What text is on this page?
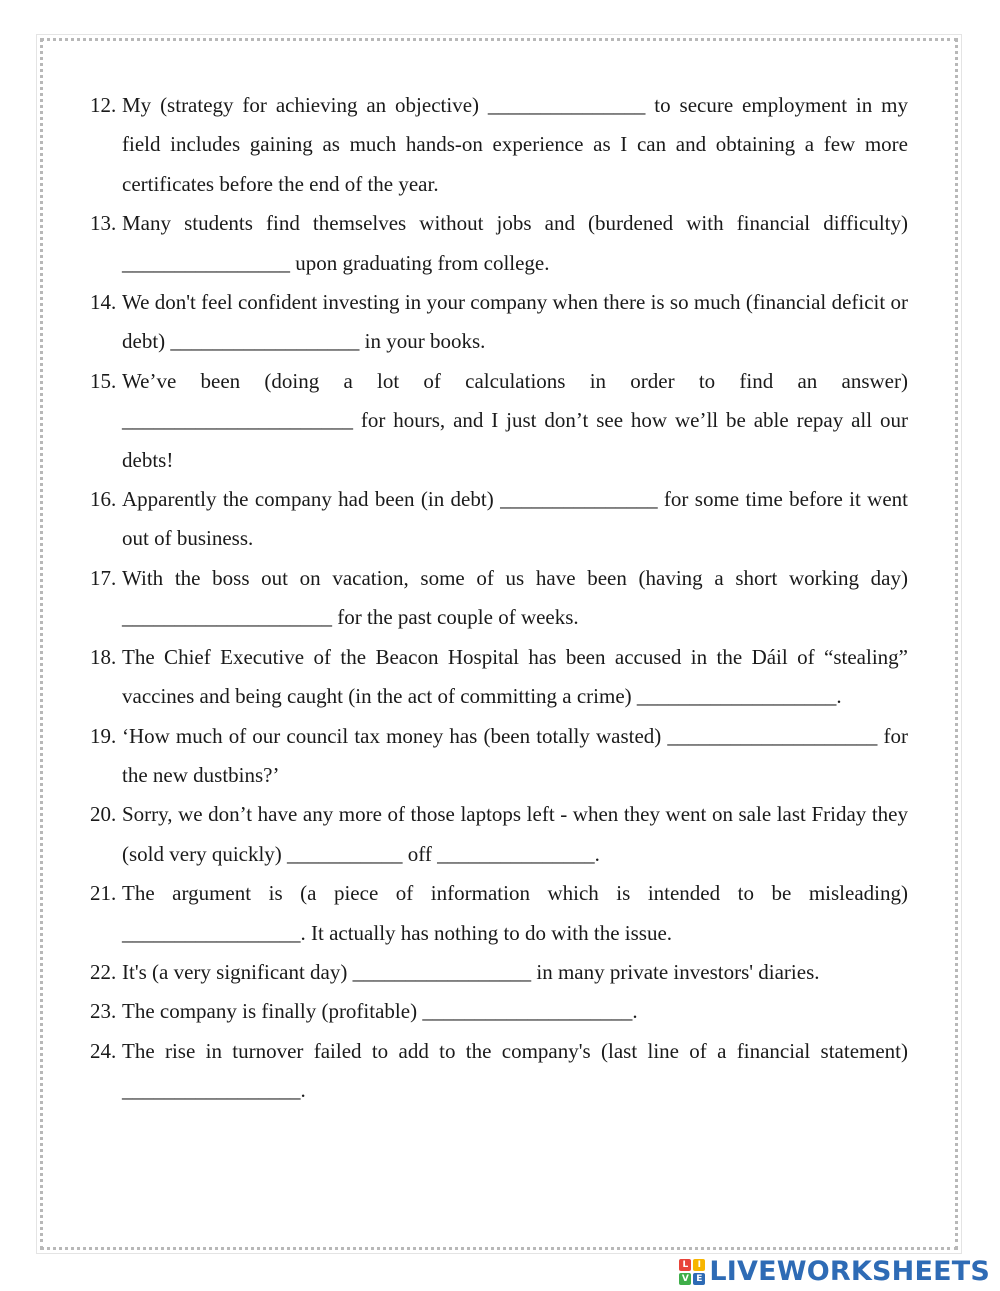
12. My (strategy for achieving an objective) _______________ to secure employment in my field includes gaining as much hands-on experience as I can and obtaining a few more certificates before the end of the year.
13. Many students find themselves without jobs and (burdened with financial difficulty) ________________ upon graduating from college.
14. We don't feel confident investing in your company when there is so much (financial deficit or debt) __________________ in your books.
15. We’ve been (doing a lot of calculations in order to find an answer) ______________________ for hours, and I just don’t see how we’ll be able repay all our debts!
16. Apparently the company had been (in debt) _______________ for some time before it went out of business.
17. With the boss out on vacation, some of us have been (having a short working day) ____________________ for the past couple of weeks.
18. The Chief Executive of the Beacon Hospital has been accused in the Dáil of “stealing” vaccines and being caught (in the act of committing a crime) ___________________.
19. ‘How much of our council tax money has (been totally wasted) ____________________ for the new dustbins?’
20. Sorry, we don’t have any more of those laptops left - when they went on sale last Friday they (sold very quickly) ___________ off _______________.
21. The argument is (a piece of information which is intended to be misleading) _________________. It actually has nothing to do with the issue.
22. It's (a very significant day) _________________ in many private investors' diaries.
23. The company is finally (profitable) ____________________.
24. The rise in turnover failed to add to the company's (last line of a financial statement) _________________.
L	I
V E LIVEWORKSHEETS
